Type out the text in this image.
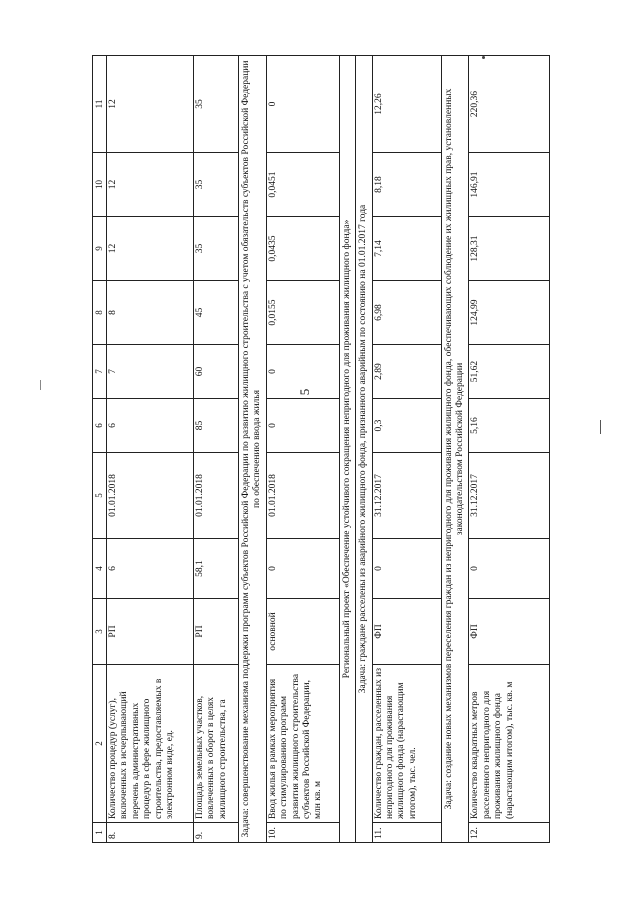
5
1	2	3	4	5	6	7	8	9	10	11
8.	Количество процедур (услуг), включенных в исчерпывающий перечень административных процедур в сфере жилищного строительства, предоставляемых в электронном виде, ед.	РП	6	01.01.2018	6	7	8	12	12	12
9.	Площадь земельных участков, вовлеченных в оборот в целях жилищного строительства, га	РП	58,1	01.01.2018	85	60	45	35	35	35
Задача: совершенствование механизма поддержки программ субъектов Российской Федерации по развитию жилищного строительства с учетом обязательств субъектов Российской Федерации по обеспечению ввода жилья										
10.	Ввод жилья в рамках мероприятия по стимулированию программ развития жилищного строительства субъектов Российской Федерации, млн кв. м	основной	0	01.01.2018	0	0	0,0155	0,0435	0,0451	0
Региональный проект «Обеспечение устойчивого сокращения непригодного для проживания жилищного фонда»										
Задача: граждане расселены из аварийного жилищного фонда, признанного аварийным по состоянию на 01.01.2017 года										
11.	Количество граждан, расселенных из непригодного для проживания жилищного фонда (нарастающим итогом), тыс. чел.	ФП	0	31.12.2017	0,3	2,89	6,98	7,14	8,18	12,26
Задача: создание новых механизмов переселения граждан из непригодного для проживания жилищного фонда, обеспечивающих соблюдение их жилищных прав, установленных законодательством Российской Федерации										
12.	Количество квадратных метров расселенного непригодного для проживания жилищного фонда (нарастающим итогом), тыс. кв. м	ФП	0	31.12.2017	5,16	51,62	124,99	128,31	146,91	220,36
